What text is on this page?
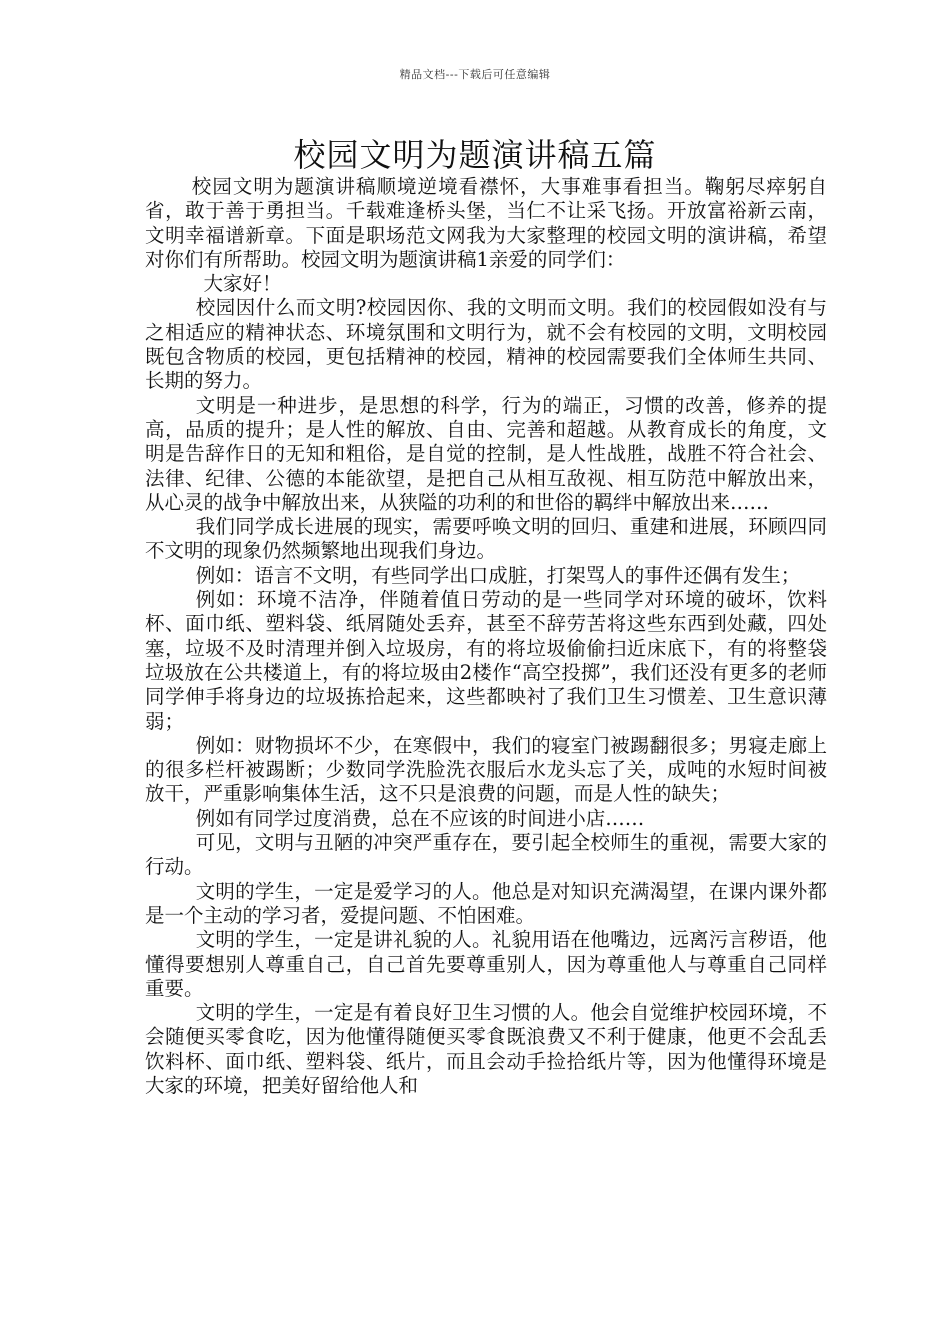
精品文档---下载后可任意编辑
校园文明为题演讲稿五篇

校园文明为题演讲稿顺境逆境看襟怀，大事难事看担当。鞠躬尽瘁躬自省，敢于善于勇担当。千载难逢桥头堡，当仁不让采飞扬。开放富裕新云南，文明幸福谱新章。下面是职场范文网我为大家整理的校园文明的演讲稿，希望对你们有所帮助。校园文明为题演讲稿1亲爱的同学们：

大家好！

校园因什么而文明?校园因你、我的文明而文明。我们的校园假如没有与之相适应的精神状态、环境氛围和文明行为，就不会有校园的文明，文明校园既包含物质的校园，更包括精神的校园，精神的校园需要我们全体师生共同、长期的努力。

文明是一种进步，是思想的科学，行为的端正，习惯的改善，修养的提高，品质的提升；是人性的解放、自由、完善和超越。从教育成长的角度，文明是告辞作日的无知和粗俗，是自觉的控制，是人性战胜，战胜不符合社会、法律、纪律、公德的本能欲望，是把自己从相互敌视、相互防范中解放出来，从心灵的战争中解放出来，从狭隘的功利的和世俗的羁绊中解放出来……

我们同学成长进展的现实，需要呼唤文明的回归、重建和进展，环顾四同不文明的现象仍然频繁地出现我们身边。

例如：语言不文明，有些同学出口成脏，打架骂人的事件还偶有发生；

例如：环境不洁净，伴随着值日劳动的是一些同学对环境的破坏，饮料杯、面巾纸、塑料袋、纸屑随处丢弃，甚至不辞劳苦将这些东西到处藏，四处塞，垃圾不及时清理并倒入垃圾房，有的将垃圾偷偷扫近床底下，有的将整袋垃圾放在公共楼道上，有的将垃圾由2楼作“高空投掷”，我们还没有更多的老师同学伸手将身边的垃圾拣拾起来，这些都映衬了我们卫生习惯差、卫生意识薄弱；

例如：财物损坏不少，在寒假中，我们的寝室门被踢翻很多；男寝走廊上的很多栏杆被踢断；少数同学洗脸洗衣服后水龙头忘了关，成吨的水短时间被放干，严重影响集体生活，这不只是浪费的问题，而是人性的缺失；

例如有同学过度消费，总在不应该的时间进小店……

可见，文明与丑陋的冲突严重存在，要引起全校师生的重视，需要大家的行动。

文明的学生，一定是爱学习的人。他总是对知识充满渴望，在课内课外都是一个主动的学习者，爱提问题、不怕困难。

文明的学生，一定是讲礼貌的人。礼貌用语在他嘴边，远离污言秽语，他懂得要想别人尊重自己，自己首先要尊重别人，因为尊重他人与尊重自己同样重要。

文明的学生，一定是有着良好卫生习惯的人。他会自觉维护校园环境，不会随便买零食吃，因为他懂得随便买零食既浪费又不利于健康，他更不会乱丢饮料杯、面巾纸、塑料袋、纸片，而且会动手捡拾纸片等，因为他懂得环境是大家的环境，把美好留给他人和
